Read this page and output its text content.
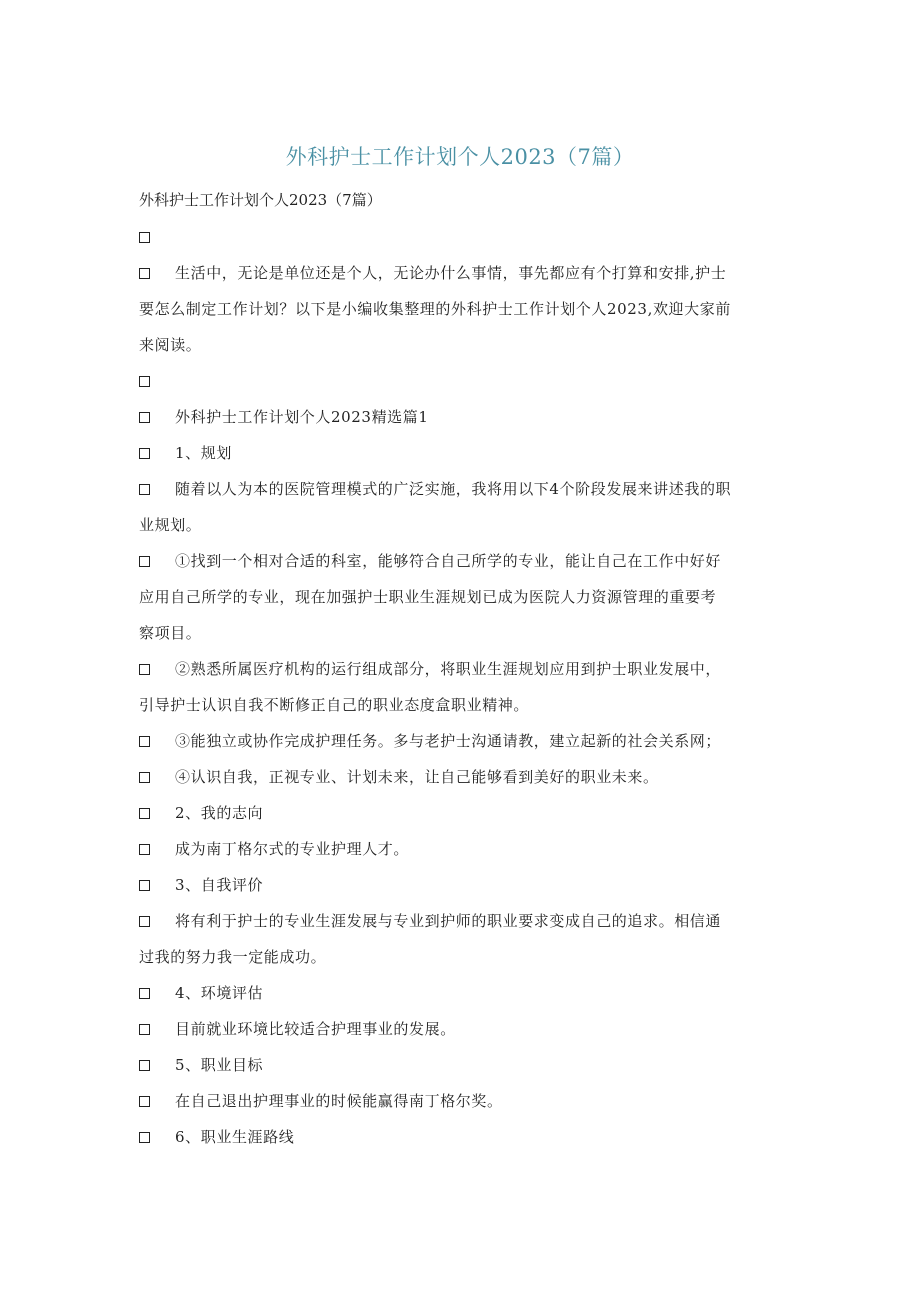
外科护士工作计划个人2023（7篇）
外科护士工作计划个人2023（7篇）
生活中，无论是单位还是个人，无论办什么事情，事先都应有个打算和安排,护士
要怎么制定工作计划？以下是小编收集整理的外科护士工作计划个人2023,欢迎大家前
来阅读。
外科护士工作计划个人2023精选篇1
1、规划
随着以人为本的医院管理模式的广泛实施，我将用以下4个阶段发展来讲述我的职
业规划。
①找到一个相对合适的科室，能够符合自己所学的专业，能让自己在工作中好好
应用自己所学的专业，现在加强护士职业生涯规划已成为医院人力资源管理的重要考
察项目。
②熟悉所属医疗机构的运行组成部分，将职业生涯规划应用到护士职业发展中，
引导护士认识自我不断修正自己的职业态度盒职业精神。
③能独立或协作完成护理任务。多与老护士沟通请教，建立起新的社会关系网；
④认识自我，正视专业、计划未来，让自己能够看到美好的职业未来。
2、我的志向
成为南丁格尔式的专业护理人才。
3、自我评价
将有利于护士的专业生涯发展与专业到护师的职业要求变成自己的追求。相信通
过我的努力我一定能成功。
4、环境评估
目前就业环境比较适合护理事业的发展。
5、职业目标
在自己退出护理事业的时候能赢得南丁格尔奖。
6、职业生涯路线
